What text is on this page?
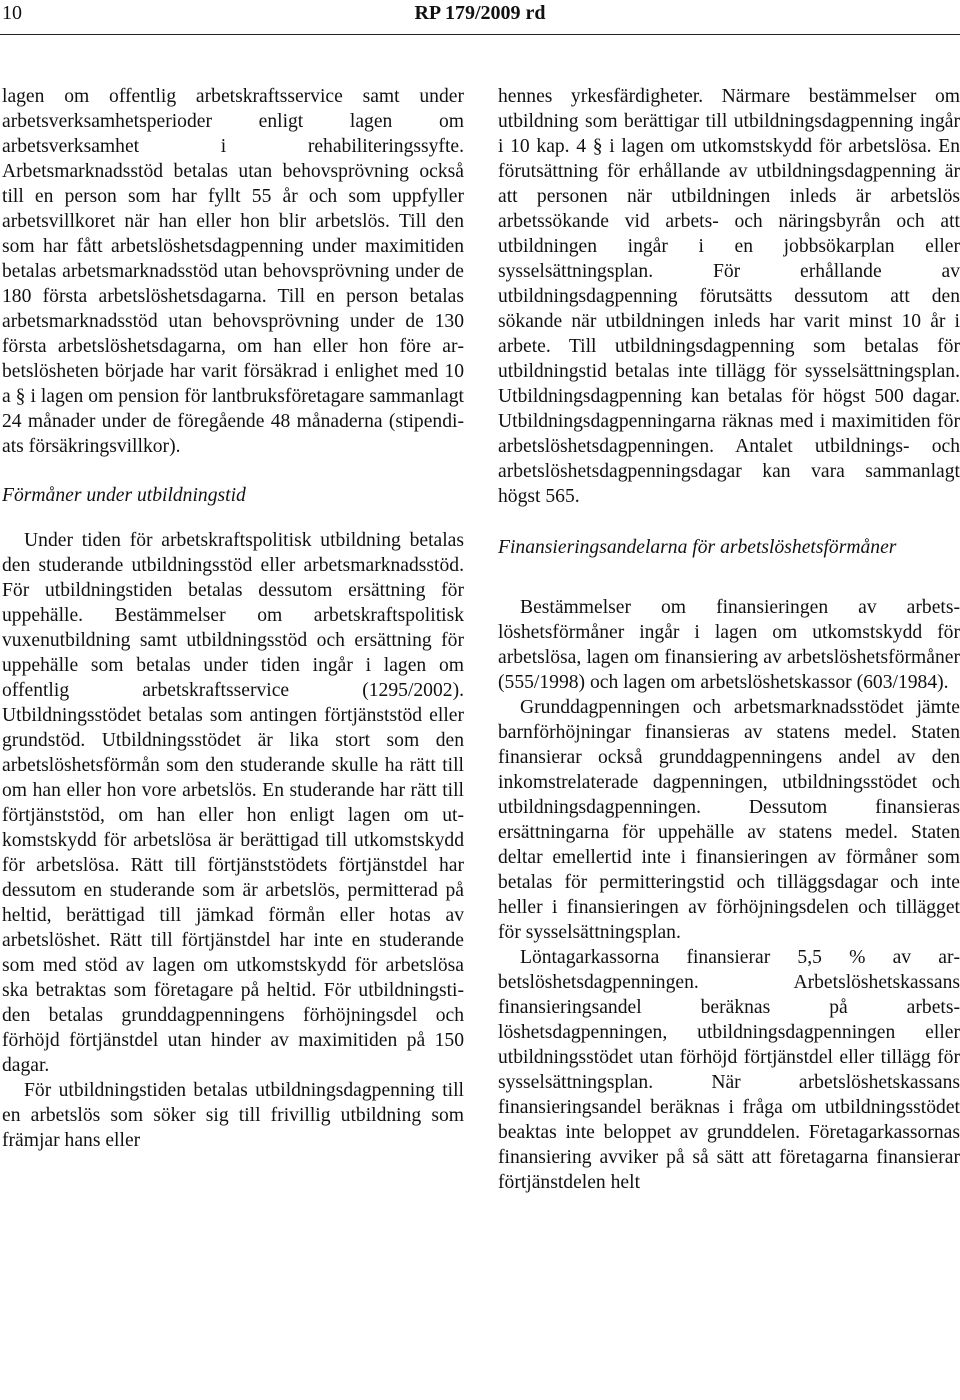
10	RP 179/2009 rd

lagen om offentlig arbetskraftsservice samt under arbetsverksamhetsperioder enligt lagen om arbetsverksamhet i rehabiliteringssyfte. Arbetsmarknadsstöd betalas utan behovsprövning också till en person som har fyllt 55 år och som uppfyller arbetsvillkoret när han eller hon blir arbetslös. Till den som har fått arbetslöshetsdagpenning under maximitiden betalas arbetsmarknadsstöd utan behovsprövning under de 180 första arbetslöshetsdagarna. Till en person betalas arbetsmarknadsstöd utan behovsprövning under de 130 första arbetslöshetsdagarna, om han eller hon före arbetslösheten började har varit försäkrad i enlighet med 10 a § i lagen om pension för lantbruksföretagare sammanlagt 24 månader under de föregående 48 månaderna (stipendiats försäkringsvillkor).

Förmåner under utbildningstid

Under tiden för arbetskraftspolitisk utbildning betalas den studerande utbildningsstöd eller arbetsmarknadsstöd. För utbildningstiden betalas dessutom ersättning för uppehälle. Bestämmelser om arbetskraftspolitisk vuxenutbildning samt utbildningsstöd och ersättning för uppehälle som betalas under tiden ingår i lagen om offentlig arbetskraftsservice (1295/2002). Utbildningsstödet betalas som antingen förtjänststöd eller grundstöd. Utbildningsstödet är lika stort som den arbetslöshetsförmån som den studerande skulle ha rätt till om han eller hon vore arbetslös. En studerande har rätt till förtjänststöd, om han eller hon enligt lagen om utkomstskydd för arbetslösa är berättigad till utkomstskydd för arbetslösa. Rätt till förtjänststödets förtjänstdel har dessutom en studerande som är arbetslös, permitterad på heltid, berättigad till jämkad förmån eller hotas av arbetslöshet. Rätt till förtjänstdel har inte en studerande som med stöd av lagen om utkomstskydd för arbetslösa ska betraktas som företagare på heltid. För utbildningstiden betalas grunddagpenningens förhöjningsdel och förhöjd förtjänstdel utan hinder av maximitiden på 150 dagar.

För utbildningstiden betalas utbildningsdagpenning till en arbetslös som söker sig till frivillig utbildning som främjar hans eller

hennes yrkesfärdigheter. Närmare bestämmelser om utbildning som berättigar till utbildningsdagpenning ingår i 10 kap. 4 § i lagen om utkomstskydd för arbetslösa. En förutsättning för erhållande av utbildningsdagpenning är att personen när utbildningen inleds är arbetslös arbetssökande vid arbets- och näringsbyrån och att utbildningen ingår i en jobbsökarplan eller sysselsättningsplan. För erhållande av utbildningsdagpenning förutsätts dessutom att den sökande när utbildningen inleds har varit minst 10 år i arbete. Till utbildningsdagpenning som betalas för utbildningstid betalas inte tillägg för sysselsättningsplan. Utbildningsdagpenning kan betalas för högst 500 dagar. Utbildningsdagpenningarna räknas med i maximitiden för arbetslöshetsdagpenningen. Antalet utbildnings- och arbetslöshetsdagpenningsdagar kan vara sammanlagt högst 565.

Finansieringsandelarna för arbetslöshetsförmåner

Bestämmelser om finansieringen av arbetslöshetsförmåner ingår i lagen om utkomstskydd för arbetslösa, lagen om finansiering av arbetslöshetsförmåner (555/1998) och lagen om arbetslöshetskassor (603/1984).

Grunddagpenningen och arbetsmarknadsstödet jämte barnförhöjningar finansieras av statens medel. Staten finansierar också grunddagpenningens andel av den inkomstrelaterade dagpenningen, utbildningsstödet och utbildningsdagpenningen. Dessutom finansieras ersättningarna för uppehälle av statens medel. Staten deltar emellertid inte i finansieringen av förmåner som betalas för permitteringstid och tilläggsdagar och inte heller i finansieringen av förhöjningsdelen och tillägget för sysselsättningsplan.

Löntagarkassorna finansierar 5,5 % av arbetslöshetsdagpenningen. Arbetslöshetskassans finansieringsandel beräknas på arbetslöshetsdagpenningen, utbildningsdagpenningen eller utbildningsstödet utan förhöjd förtjänstdel eller tillägg för sysselsättningsplan. När arbetslöshetskassans finansieringsandel beräknas i fråga om utbildningsstödet beaktas inte beloppet av grunddelen. Företagarkassornas finansiering avviker på så sätt att företagarna finansierar förtjänstdelen helt
